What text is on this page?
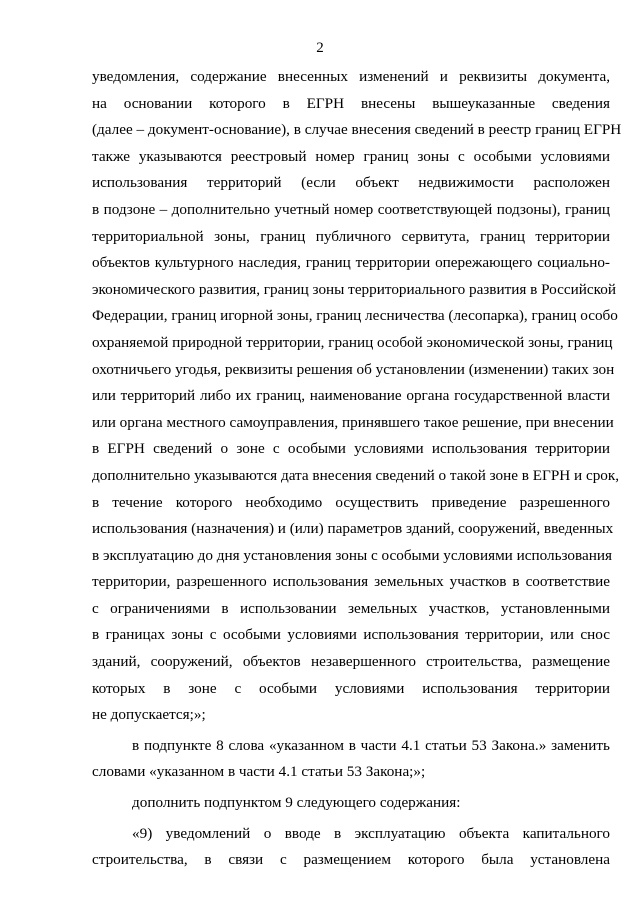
2
уведомления, содержание внесенных изменений и реквизиты документа,
на основании которого в ЕГРН внесены вышеуказанные сведения
(далее – документ-основание), в случае внесения сведений в реестр границ ЕГРН
также указываются реестровый номер границ зоны с особыми условиями
использования территорий (если объект недвижимости расположен
в подзоне – дополнительно учетный номер соответствующей подзоны), границ
территориальной зоны, границ публичного сервитута, границ территории
объектов культурного наследия, границ территории опережающего социально-
экономического развития, границ зоны территориального развития в Российской
Федерации, границ игорной зоны, границ лесничества (лесопарка), границ особо
охраняемой природной территории, границ особой экономической зоны, границ
охотничьего угодья, реквизиты решения об установлении (изменении) таких зон
или территорий либо их границ, наименование органа государственной власти
или органа местного самоуправления, принявшего такое решение, при внесении
в ЕГРН сведений о зоне с особыми условиями использования территории
дополнительно указываются дата внесения сведений о такой зоне в ЕГРН и срок,
в течение которого необходимо осуществить приведение разрешенного
использования (назначения) и (или) параметров зданий, сооружений, введенных
в эксплуатацию до дня установления зоны с особыми условиями использования
территории, разрешенного использования земельных участков в соответствие
с ограничениями в использовании земельных участков, установленными
в границах зоны с особыми условиями использования территории, или снос
зданий, сооружений, объектов незавершенного строительства, размещение
которых в зоне с особыми условиями использования территории
не допускается;»;
в подпункте 8 слова «указанном в части 4.1 статьи 53 Закона.» заменить
словами «указанном в части 4.1 статьи 53 Закона;»;
дополнить подпунктом 9 следующего содержания:
«9) уведомлений о вводе в эксплуатацию объекта капитального
строительства, в связи с размещением которого была установлена
